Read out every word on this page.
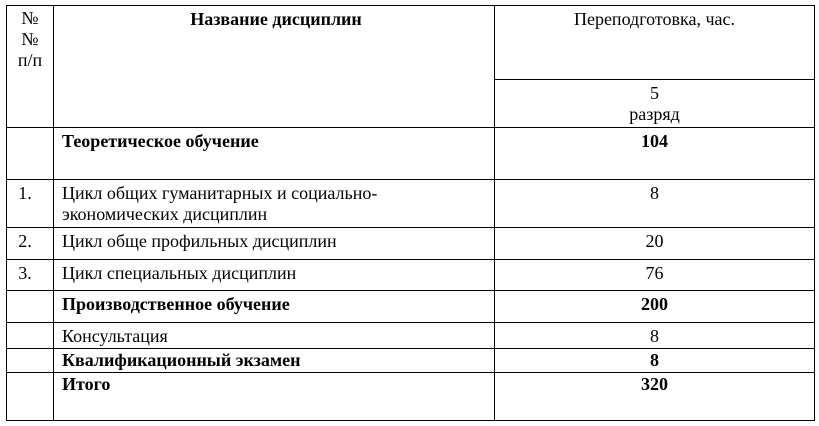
№
№
п/п	Название дисциплин	Переподготовка, час.

		5
разряд

	Теоретическое обучение	104
1.	Цикл общих гуманитарных и социально-
экономических дисциплин	8
2.	Цикл обще профильных дисциплин	20
3.	Цикл специальных дисциплин	76
	Производственное обучение	200
	Консультация	8
	Квалификационный экзамен	8
	Итого	320
